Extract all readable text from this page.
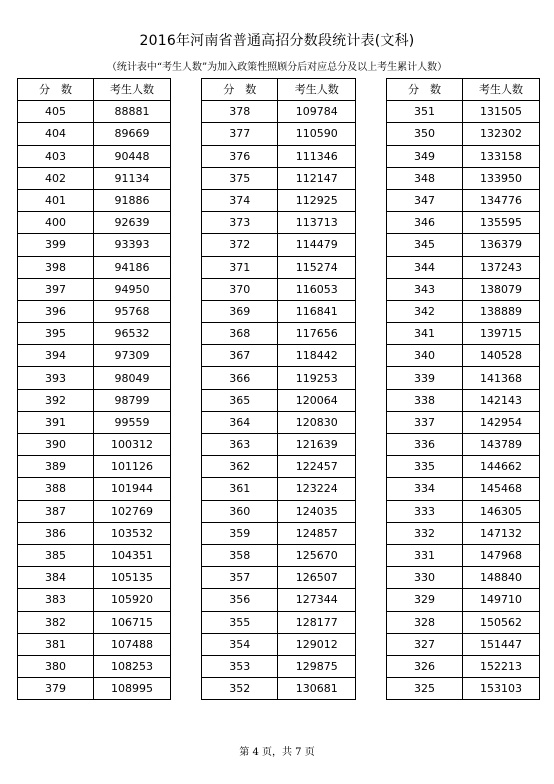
2016年河南省普通高招分数段统计表(文科)
（统计表中“考生人数”为加入政策性照顾分后对应总分及以上考生累计人数）
分　数	考生人数
405	88881
404	89669
403	90448
402	91134
401	91886
400	92639
399	93393
398	94186
397	94950
396	95768
395	96532
394	97309
393	98049
392	98799
391	99559
390	100312
389	101126
388	101944
387	102769
386	103532
385	104351
384	105135
383	105920
382	106715
381	107488
380	108253
379	108995
分　数	考生人数
378	109784
377	110590
376	111346
375	112147
374	112925
373	113713
372	114479
371	115274
370	116053
369	116841
368	117656
367	118442
366	119253
365	120064
364	120830
363	121639
362	122457
361	123224
360	124035
359	124857
358	125670
357	126507
356	127344
355	128177
354	129012
353	129875
352	130681
分　数	考生人数
351	131505
350	132302
349	133158
348	133950
347	134776
346	135595
345	136379
344	137243
343	138079
342	138889
341	139715
340	140528
339	141368
338	142143
337	142954
336	143789
335	144662
334	145468
333	146305
332	147132
331	147968
330	148840
329	149710
328	150562
327	151447
326	152213
325	153103
第 4 页，共 7 页
